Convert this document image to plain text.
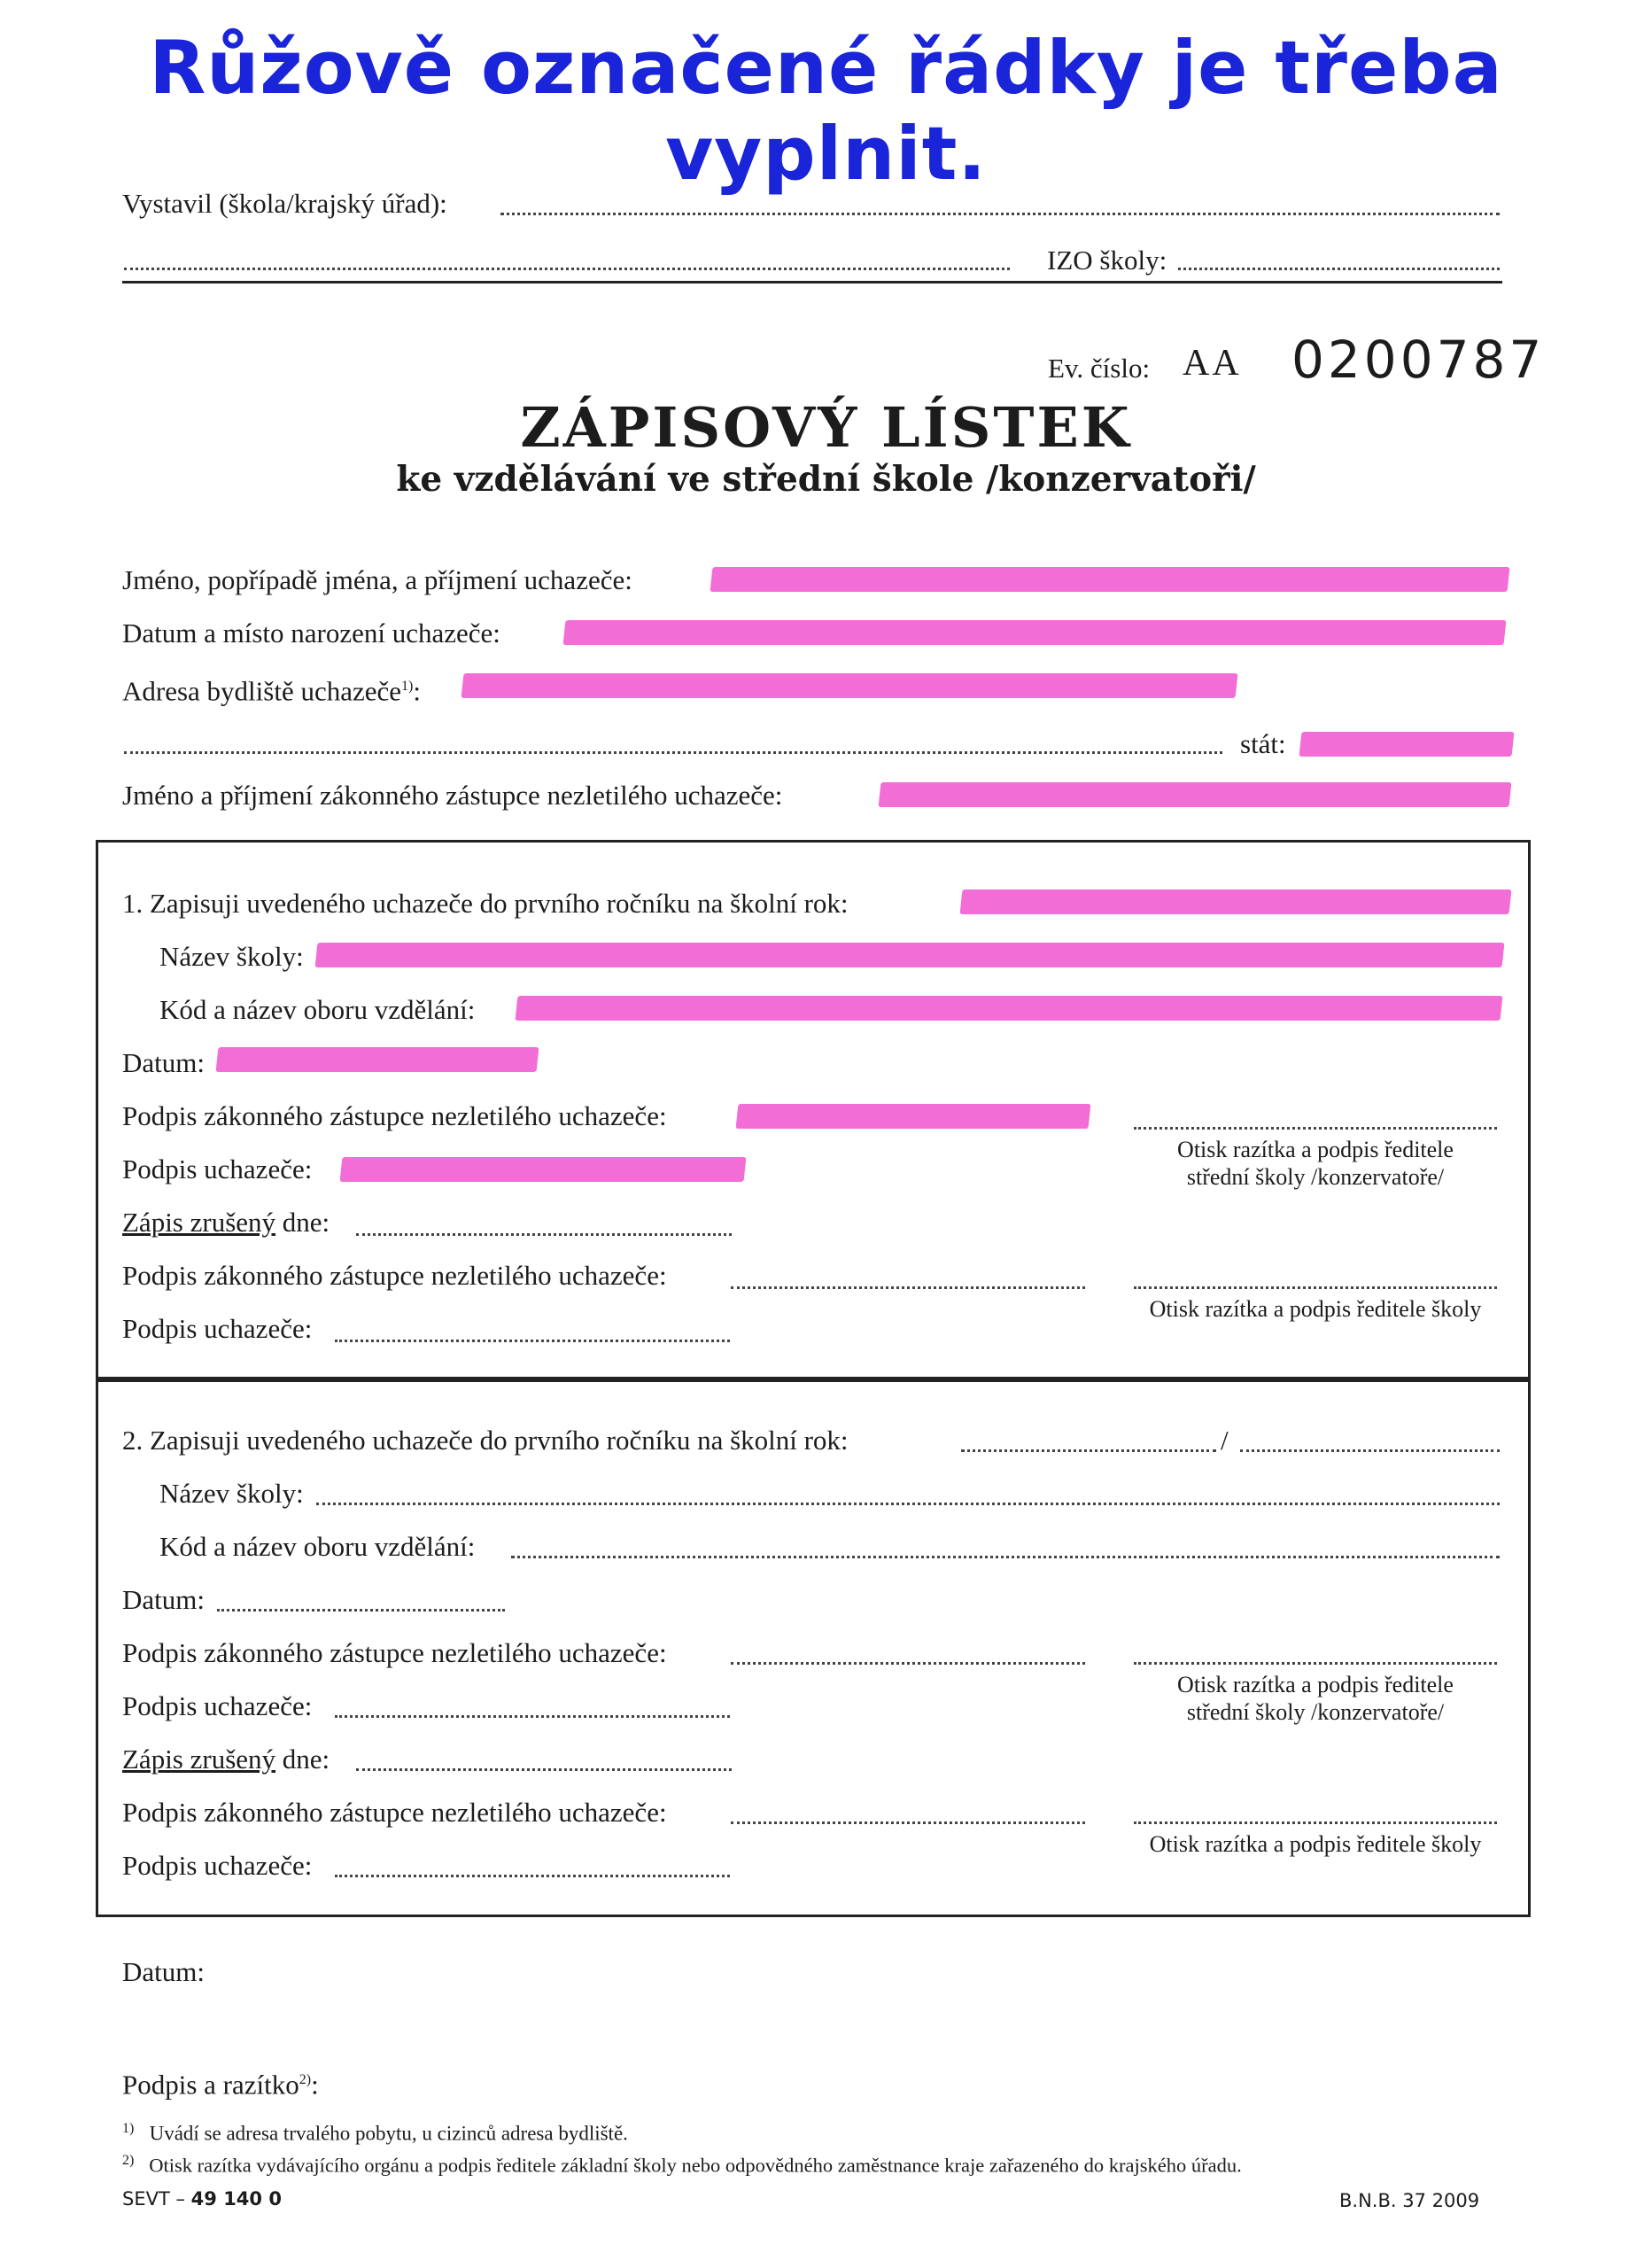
Růžově označené řádky je třeba vyplnit.
Vystavil (škola/krajský úřad):
IZO školy:
Ev. číslo: AA 0200787
ZÁPISOVÝ LÍSTEK
ke vzdělávání ve střední škole /konzervatoři/
Jméno, popřípadě jména, a příjmení uchazeče:
Datum a místo narození uchazeče:
Adresa bydliště uchazeče$^{1)}$:
stát:
Jméno a příjmení zákonného zástupce nezletilého uchazeče:
1. Zapisuji uvedeného uchazeče do prvního ročníku na školní rok:
Název školy:
Kód a název oboru vzdělání:
Datum:
Podpis zákonného zástupce nezletilého uchazeče:
Podpis uchazeče:
Otisk razítka a podpis ředitele
střední školy /konzervatoře/
Zápis zrušený dne:
Podpis zákonného zástupce nezletilého uchazeče:
Podpis uchazeče:
Otisk razítka a podpis ředitele školy
2. Zapisuji uvedeného uchazeče do prvního ročníku na školní rok:	/
Název školy:
Kód a název oboru vzdělání:
Datum:
Podpis zákonného zástupce nezletilého uchazeče:
Podpis uchazeče:
Otisk razítka a podpis ředitele
střední školy /konzervatoře/
Zápis zrušený dne:
Podpis zákonného zástupce nezletilého uchazeče:
Podpis uchazeče:
Otisk razítka a podpis ředitele školy
Datum:
Podpis a razítko$^{2)}$:
$^{1)}$ Uvádí se adresa trvalého pobytu, u cizinců adresa bydliště.
$^{2)}$ Otisk razítka vydávajícího orgánu a podpis ředitele základní školy nebo odpovědného zaměstnance kraje zařazeného do krajského úřadu.
SEVT – 49 140 0	B.N.B. 37 2009
